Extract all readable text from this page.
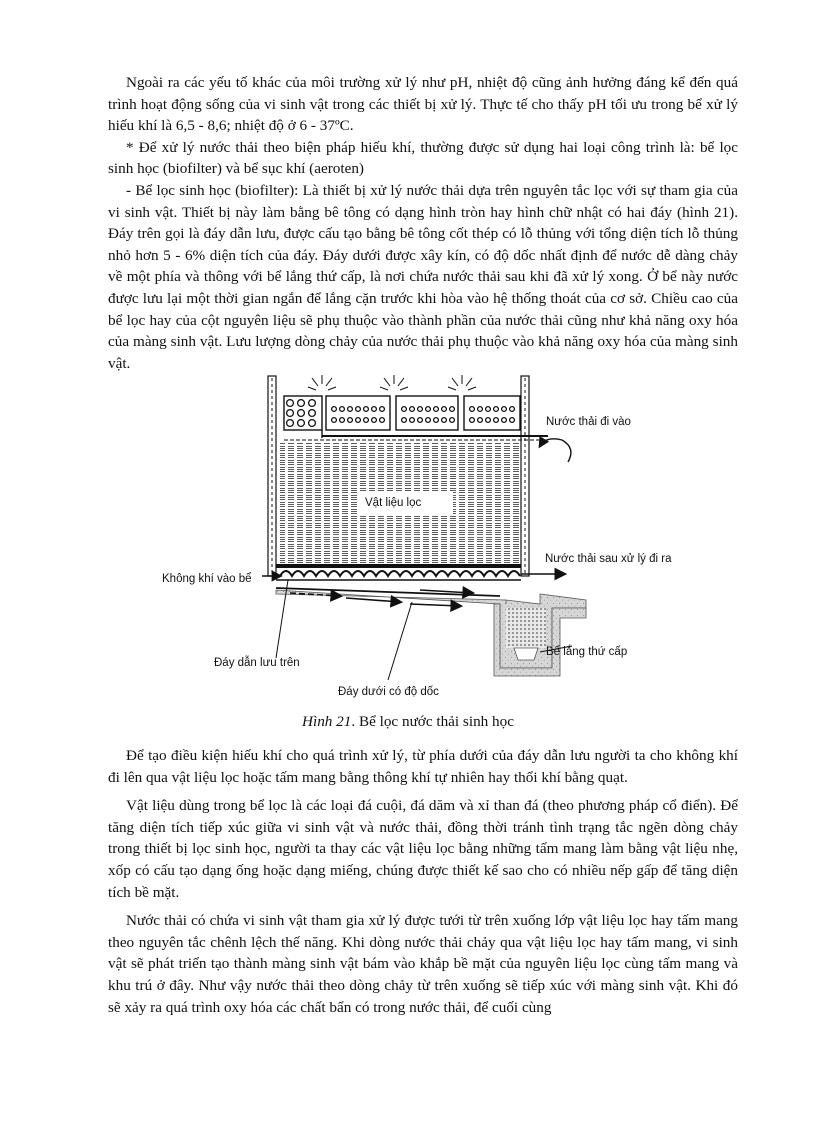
Ngoài ra các yếu tố khác của môi trường xử lý như pH, nhiệt độ cũng ảnh hưởng đáng kể đến quá trình hoạt động sống của vi sinh vật trong các thiết bị xử lý. Thực tế cho thấy pH tối ưu trong bể xử lý hiếu khí là 6,5 - 8,6; nhiệt độ ở 6 - 37ºC.

* Để xử lý nước thải theo biện pháp hiếu khí, thường được sử dụng hai loại công trình là: bể lọc sinh học (biofilter) và bể sục khí (aeroten)

- Bể lọc sinh học (biofilter): Là thiết bị xử lý nước thải dựa trên nguyên tắc lọc với sự tham gia của vi sinh vật. Thiết bị này làm bằng bê tông có dạng hình tròn hay hình chữ nhật có hai đáy (hình 21). Đáy trên gọi là đáy dẫn lưu, được cấu tạo bằng bê tông cốt thép có lỗ thủng với tổng diện tích lỗ thủng nhỏ hơn 5 - 6% diện tích của đáy. Đáy dưới được xây kín, có độ dốc nhất định để nước dễ dàng chảy về một phía và thông với bể lắng thứ cấp, là nơi chứa nước thải sau khi đã xử lý xong. Ở bể này nước được lưu lại một thời gian ngắn để lắng cặn trước khi hòa vào hệ thống thoát của cơ sở. Chiều cao của bể lọc hay của cột nguyên liệu sẽ phụ thuộc vào thành phần của nước thải cũng như khả năng oxy hóa của màng sinh vật. Lưu lượng dòng chảy của nước thải phụ thuộc vào khả năng oxy hóa của màng sinh vật.

Nước thải đi vào
Vật liệu lọc
Nước thải sau xử lý đi ra
Không khí vào bể
Đáy dẫn lưu trên
Bể lắng thứ cấp
Đáy dưới có độ dốc
Hình 21. Bể lọc nước thải sinh học

Để tạo điều kiện hiếu khí cho quá trình xử lý, từ phía dưới của đáy dẫn lưu người ta cho không khí đi lên qua vật liệu lọc hoặc tấm mang bằng thông khí tự nhiên hay thổi khí bằng quạt.

Vật liệu dùng trong bể lọc là các loại đá cuội, đá dăm và xỉ than đá (theo phương pháp cổ điển). Để tăng diện tích tiếp xúc giữa vi sinh vật và nước thải, đồng thời tránh tình trạng tắc ngẽn dòng chảy trong thiết bị lọc sinh học, người ta thay các vật liệu lọc bằng những tấm mang làm bằng vật liệu nhẹ, xốp có cấu tạo dạng ống hoặc dạng miếng, chúng được thiết kế sao cho có nhiều nếp gấp để tăng diện tích bề mặt.

Nước thải có chứa vi sinh vật tham gia xử lý được tưới từ trên xuống lớp vật liệu lọc hay tấm mang theo nguyên tắc chênh lệch thế năng. Khi dòng nước thải chảy qua vật liệu lọc hay tấm mang, vi sinh vật sẽ phát triển tạo thành màng sinh vật bám vào khắp bề mặt của nguyên liệu lọc cùng tấm mang và khu trú ở đây. Như vậy nước thải theo dòng chảy từ trên xuống sẽ tiếp xúc với màng sinh vật. Khi đó sẽ xảy ra quá trình oxy hóa các chất bẩn có trong nước thải, để cuối cùng
